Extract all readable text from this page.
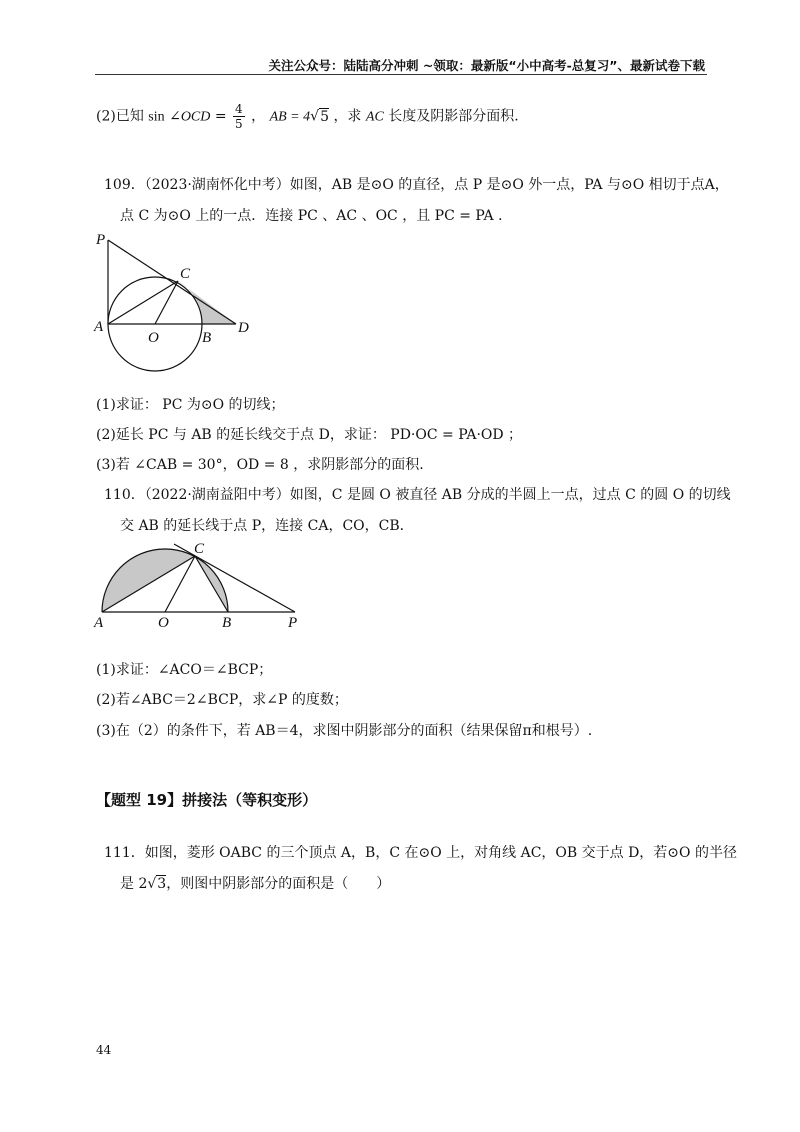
关注公众号：陆陆高分冲刺 ~领取：最新版“小中高考-总复习”、最新试卷下载
(2)已知 sin ∠OCD = $\frac{4}{5}$ ， AB = 4√5 ，求 AC 长度及阴影部分面积.
109．（2023·湖南怀化中考）如图，AB 是⊙O 的直径，点 P 是⊙O 外一点，PA 与⊙O 相切于点A，
点 C 为⊙O 上的一点．连接 PC 、AC 、OC ，且 PC = PA ．
P
C
A
O	B
D
(1)求证： PC 为⊙O 的切线；
(2)延长 PC 与 AB 的延长线交于点 D，求证： PD·OC = PA·OD ；
(3)若 ∠CAB = 30°，OD = 8 ，求阴影部分的面积.
110．（2022·湖南益阳中考）如图，C 是圆 O 被直径 AB 分成的半圆上一点，过点 C 的圆 O 的切线
交 AB 的延长线于点 P，连接 CA，CO，CB．
A	O	B	P
C
(1)求证：∠ACO＝∠BCP；
(2)若∠ABC＝2∠BCP，求∠P 的度数；
(3)在（2）的条件下，若 AB＝4，求图中阴影部分的面积（结果保留π和根号）.
【题型 19】拼接法（等积变形）
111．如图，菱形 OABC 的三个顶点 A，B，C 在⊙O 上，对角线 AC，OB 交于点 D，若⊙O 的半径
是 2√3，则图中阴影部分的面积是（　　）
44
